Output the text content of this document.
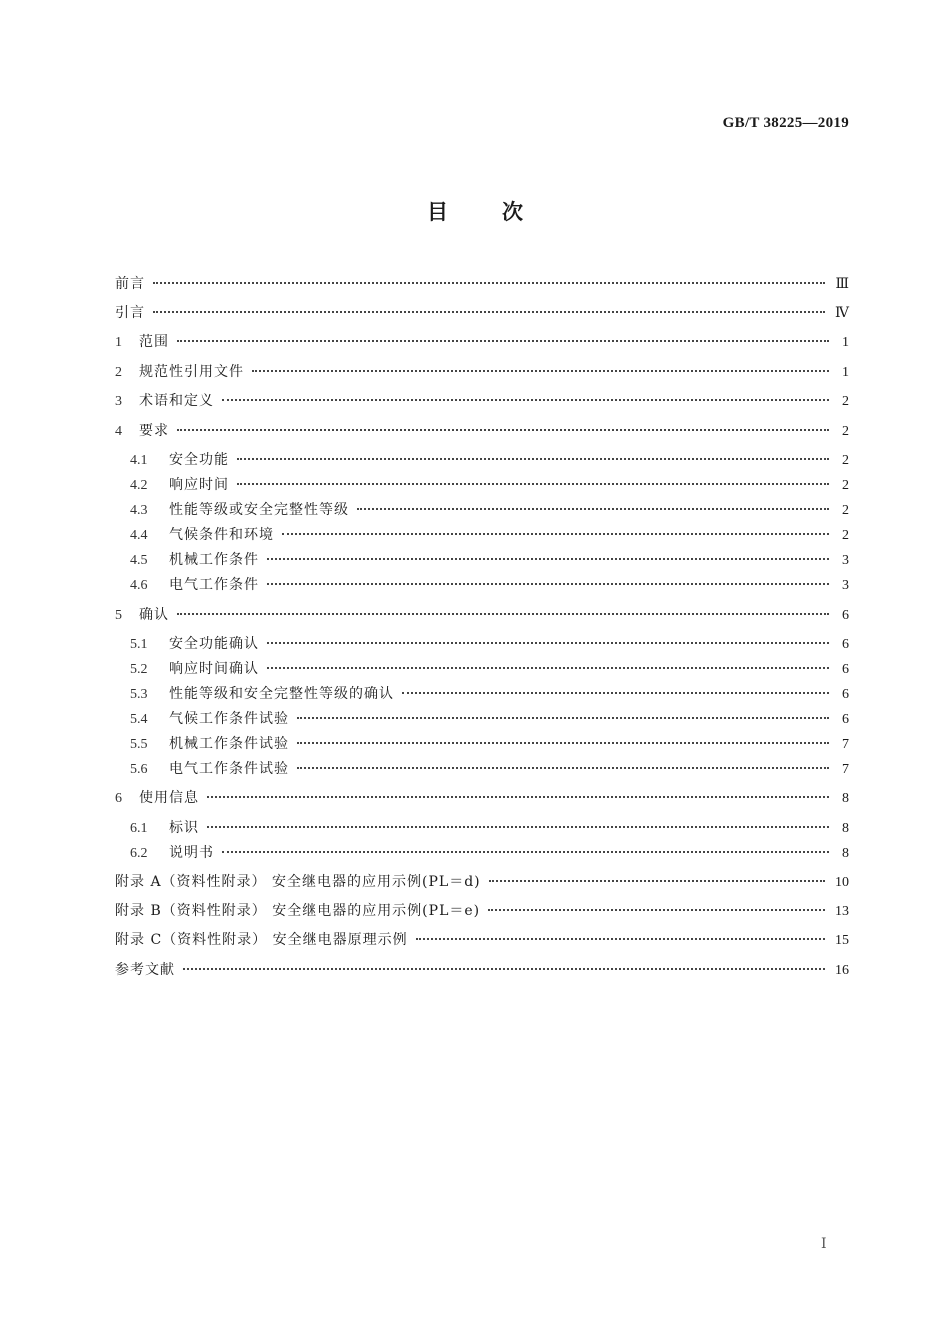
GB/T 38225—2019
目次
前言	Ⅲ
引言	Ⅳ
1	范围	1
2	规范性引用文件	1
3	术语和定义	2
4	要求	2
4.1	安全功能	2
4.2	响应时间	2
4.3	性能等级或安全完整性等级	2
4.4	气候条件和环境	2
4.5	机械工作条件	3
4.6	电气工作条件	3
5	确认	6
5.1	安全功能确认	6
5.2	响应时间确认	6
5.3	性能等级和安全完整性等级的确认	6
5.4	气候工作条件试验	6
5.5	机械工作条件试验	7
5.6	电气工作条件试验	7
6	使用信息	8
6.1	标识	8
6.2	说明书	8
附录 A（资料性附录） 安全继电器的应用示例(PL＝d)	10
附录 B（资料性附录） 安全继电器的应用示例(PL＝e)	13
附录 C（资料性附录） 安全继电器原理示例	15
参考文献	16
Ⅰ
